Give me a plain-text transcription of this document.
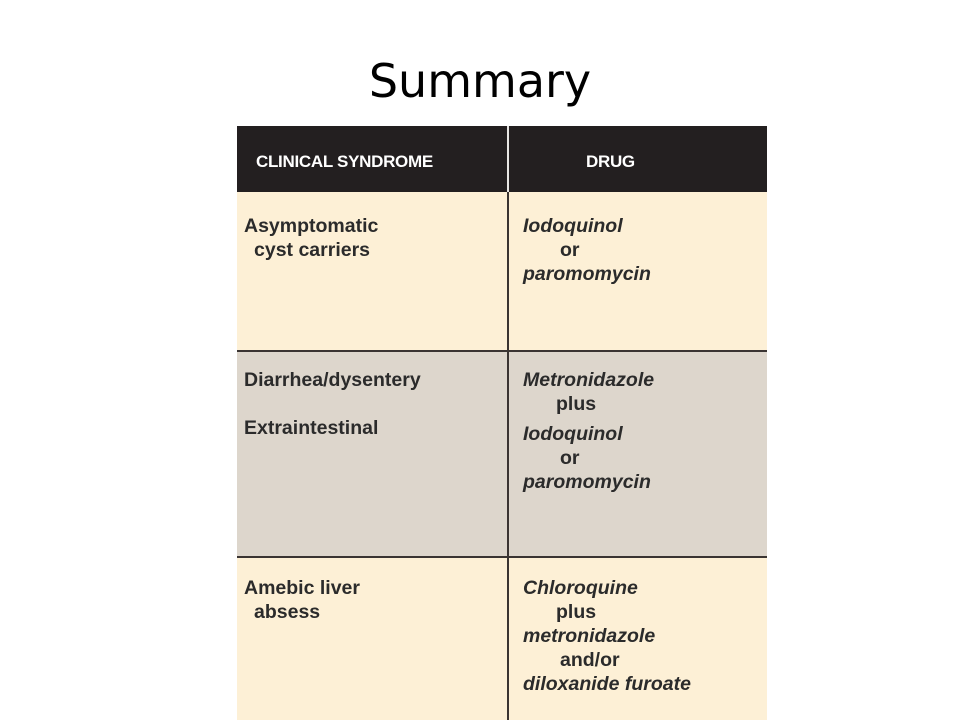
Summary
CLINICAL SYNDROME	DRUG
Asymptomatic
cyst carriers
Iodoquinol
or
paromomycin
Diarrhea/dysentery
Extraintestinal
Metronidazole
plus
Iodoquinol
or
paromomycin
Amebic liver
absess
Chloroquine
plus
metronidazole
and/or
diloxanide furoate
